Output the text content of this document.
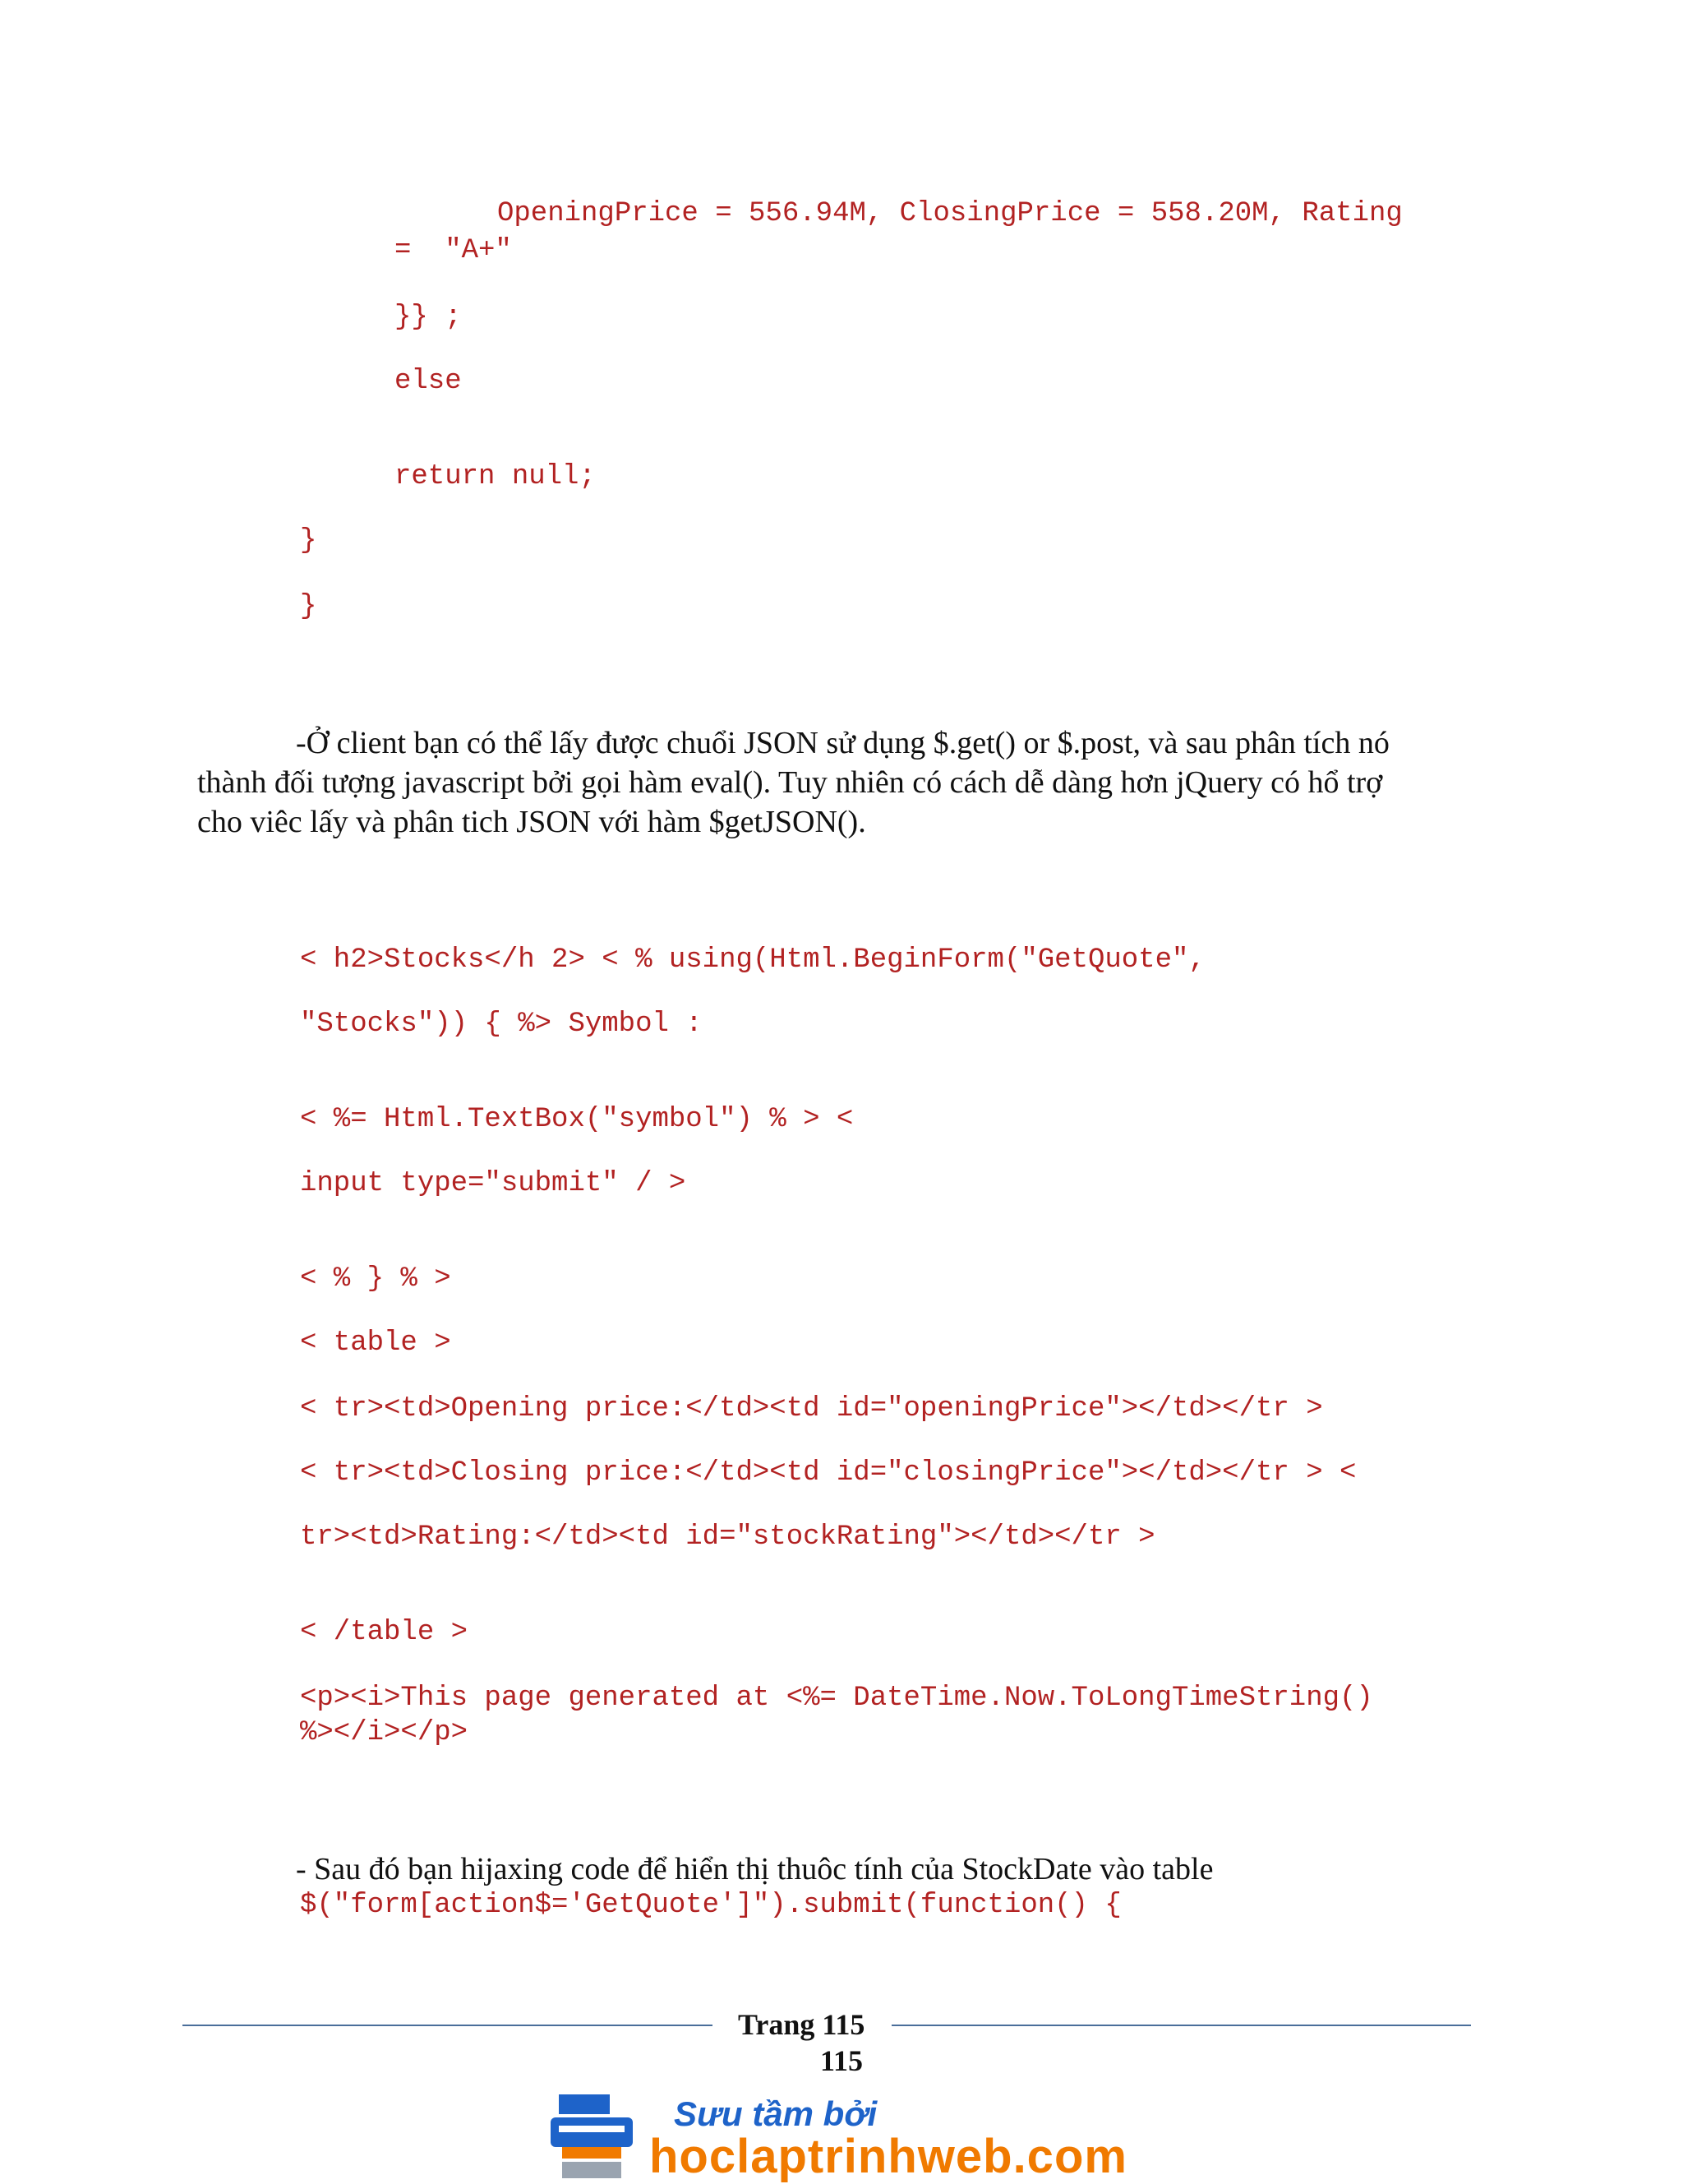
OpeningPrice = 556.94M, ClosingPrice = 558.20M, Rating
=  "A+"
}} ;
else
return null;
}
}
-Ở client bạn có thể lấy được chuổi JSON sử dụng $.get() or $.post, và sau phân tích nó
thành đối tượng javascript bởi gọi hàm eval(). Tuy nhiên có cách dễ dàng hơn jQuery có hổ trợ
cho viêc lấy và phân tich JSON với hàm $getJSON().
< h2>Stocks</h 2> < % using(Html.BeginForm("GetQuote",
"Stocks")) { %> Symbol :
< %= Html.TextBox("symbol") % > <
input type="submit" / >
< % } % >
< table >
< tr><td>Opening price:</td><td id="openingPrice"></td></tr >
< tr><td>Closing price:</td><td id="closingPrice"></td></tr > <
tr><td>Rating:</td><td id="stockRating"></td></tr >
< /table >
<p><i>This page generated at <%= DateTime.Now.ToLongTimeString()
%></i></p>
- Sau đó bạn hijaxing code để hiển thị thuôc tính của StockDate vào table
$("form[action$='GetQuote']").submit(function() {
Trang 115
115
Sưu tầm bởi
hoclaptrinhweb.com
